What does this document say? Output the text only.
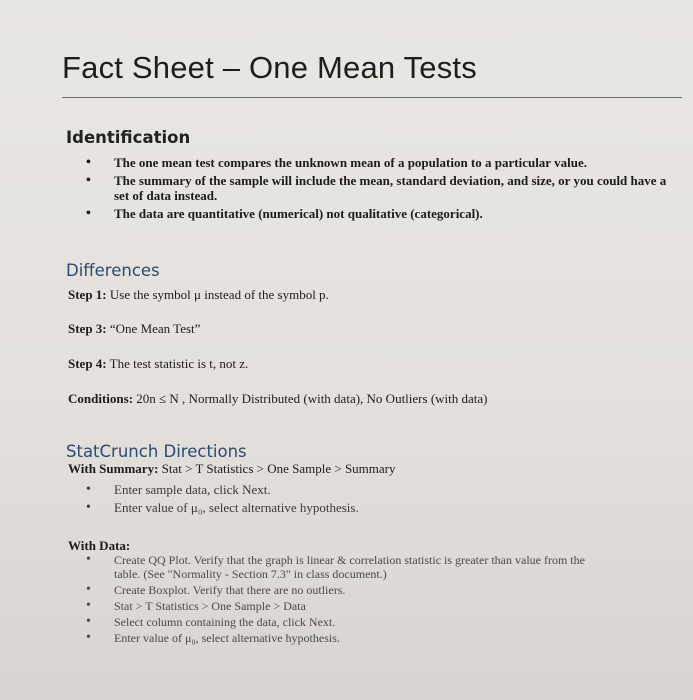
Fact Sheet – One Mean Tests
Identification
• The one mean test compares the unknown mean of a population to a particular value.
• The summary of the sample will include the mean, standard deviation, and size, or you could have a set of data instead.
• The data are quantitative (numerical) not qualitative (categorical).
Differences
Step 1: Use the symbol μ instead of the symbol p.
Step 3: “One Mean Test”
Step 4: The test statistic is t, not z.
Conditions: 20n ≤ N , Normally Distributed (with data), No Outliers (with data)
StatCrunch Directions
With Summary: Stat > T Statistics > One Sample > Summary
• Enter sample data, click Next.
• Enter value of μ₀, select alternative hypothesis.
With Data:
• Create QQ Plot. Verify that the graph is linear & correlation statistic is greater than value from the table. (See "Normality - Section 7.3" in class document.)
• Create Boxplot. Verify that there are no outliers.
• Stat > T Statistics > One Sample > Data
• Select column containing the data, click Next.
• Enter value of μ₀, select alternative hypothesis.
